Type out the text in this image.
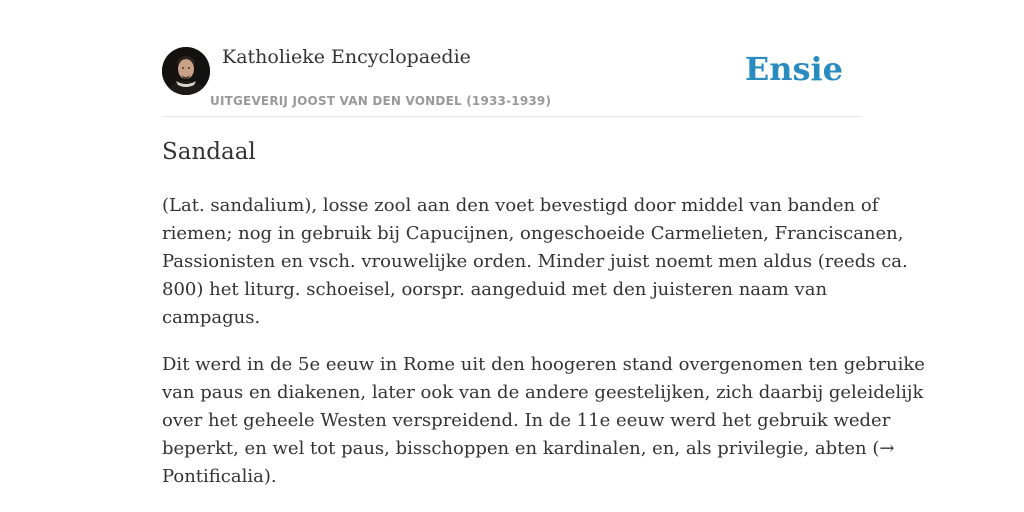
Katholieke Encyclopaedie
UITGEVERIJ JOOST VAN DEN VONDEL (1933-1939)
Ensie
Sandaal

(Lat. sandalium), losse zool aan den voet bevestigd door middel van banden of
riemen; nog in gebruik bij Capucijnen, ongeschoeide Carmelieten, Franciscanen,
Passionisten en vsch. vrouwelijke orden. Minder juist noemt men aldus (reeds ca.
800) het liturg. schoeisel, oorspr. aangeduid met den juisteren naam van
campagus.

Dit werd in de 5e eeuw in Rome uit den hoogeren stand overgenomen ten gebruike
van paus en diakenen, later ook van de andere geestelijken, zich daarbij geleidelijk
over het geheele Westen verspreidend. In de 11e eeuw werd het gebruik weder
beperkt, en wel tot paus, bisschoppen en kardinalen, en, als privilegie, abten (→
Pontificalia).
